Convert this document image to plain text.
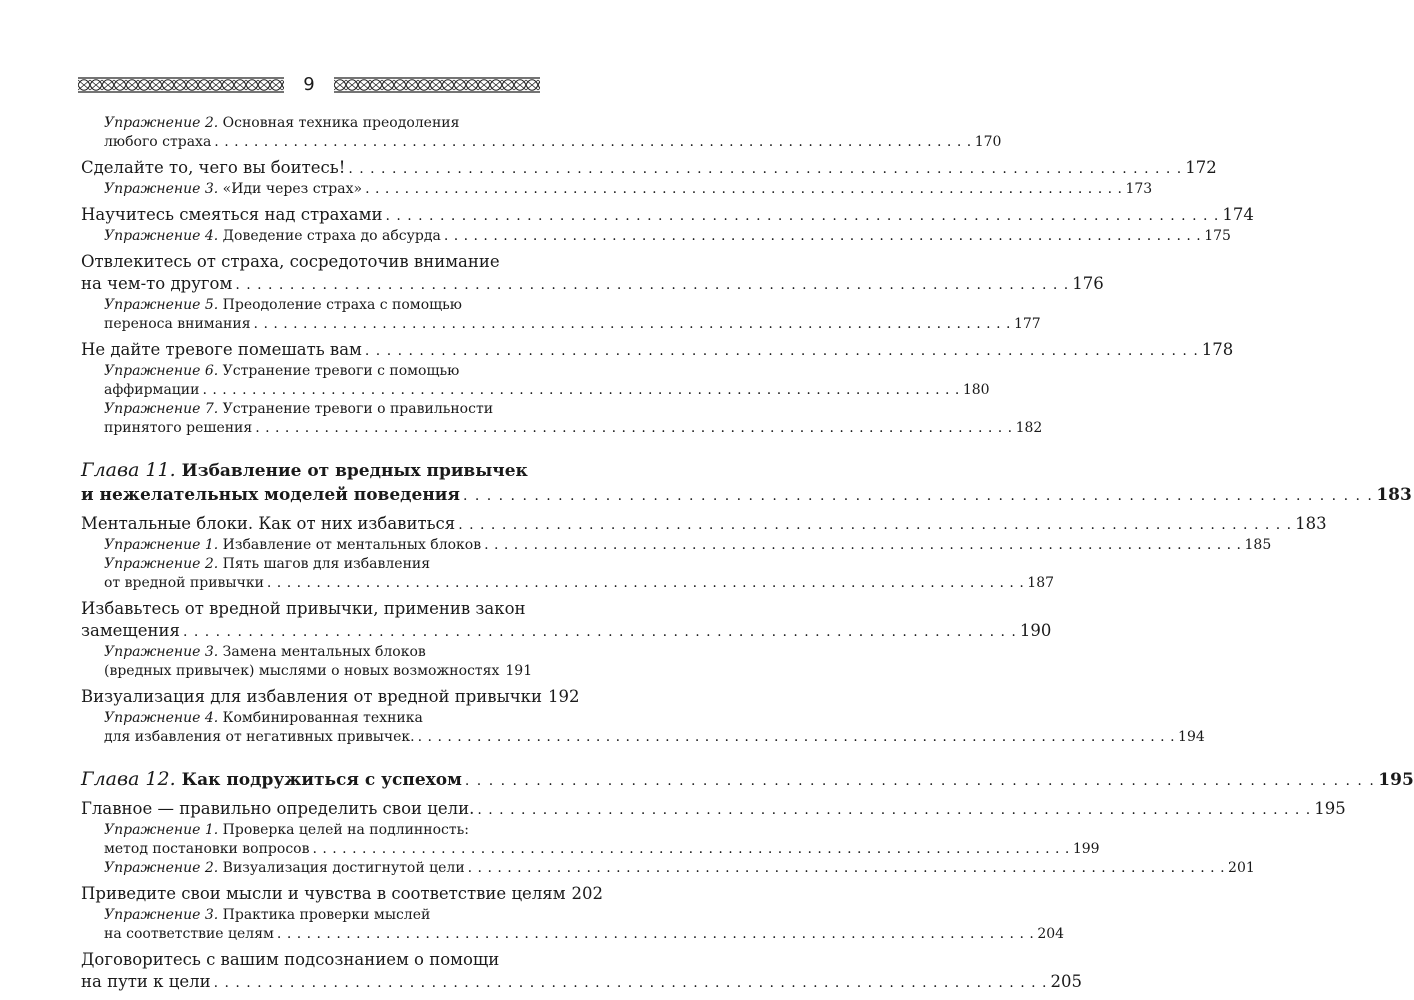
9
Упражнение 2. Основная техника преодоления
любого страха . . .	170
Сделайте то, чего вы боитесь! . . .	172
Упражнение 3. «Иди через страх» . . .	173
Научитесь смеяться над страхами . . .	174
Упражнение 4. Доведение страха до абсурда . . .	175
Отвлекитесь от страха, сосредоточив внимание
на чем-то другом . . .	176
Упражнение 5. Преодоление страха с помощью
переноса внимания . . .	177
Не дайте тревоге помешать вам . . .	178
Упражнение 6. Устранение тревоги с помощью
аффирмации . . .	180
Упражнение 7. Устранение тревоги о правильности
принятого решения . . .	182
Глава 11. Избавление от вредных привычек
и нежелательных моделей поведения . . .	183
Ментальные блоки. Как от них избавиться . . .	183
Упражнение 1. Избавление от ментальных блоков . . .	185
Упражнение 2. Пять шагов для избавления
от вредной привычки . . .	187
Избавьтесь от вредной привычки, применив закон
замещения . . .	190
Упражнение 3. Замена ментальных блоков
(вредных привычек) мыслями о новых возможностях 191
Визуализация для избавления от вредной привычки 192
Упражнение 4. Комбинированная техника
для избавления от негативных привычек. . . .	194
Глава 12. Как подружиться с успехом . . .	195
Главное — правильно определить свои цели. . . .	195
Упражнение 1. Проверка целей на подлинность:
метод постановки вопросов . . .	199
Упражнение 2. Визуализация достигнутой цели . . .	201
Приведите свои мысли и чувства в соответствие целям 202
Упражнение 3. Практика проверки мыслей
на соответствие целям . . .	204
Договоритесь с вашим подсознанием о помощи
на пути к цели . . .	205
